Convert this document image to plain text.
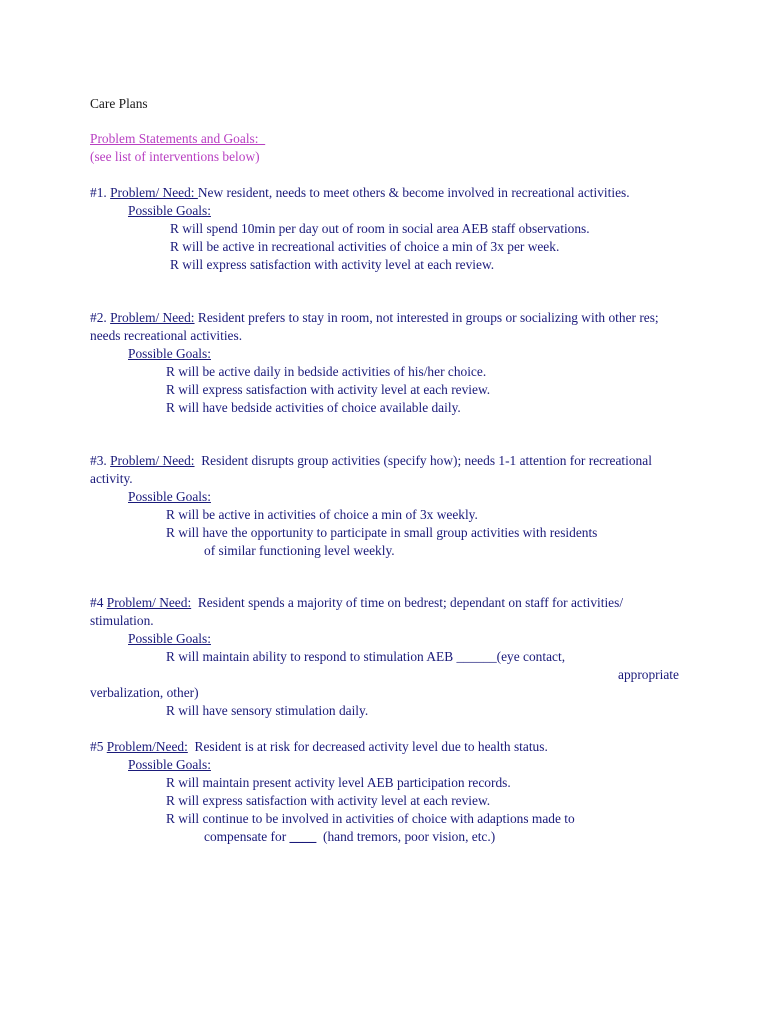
Care Plans
Problem Statements and Goals:
(see list of interventions below)
#1. Problem/ Need: New resident, needs to meet others & become involved in recreational activities.
Possible Goals:
R will spend 10min per day out of room in social area AEB staff observations.
R will be active in recreational activities of choice a min of 3x per week.
R will express satisfaction with activity level at each review.
#2. Problem/ Need: Resident prefers to stay in room, not interested in groups or socializing with other res;
needs recreational activities.
Possible Goals:
R will be active daily in bedside activities of his/her choice.
R will express satisfaction with activity level at each review.
R will have bedside activities of choice available daily.
#3. Problem/ Need: Resident disrupts group activities (specify how); needs 1-1 attention for recreational
activity.
Possible Goals:
R will be active in activities of choice a min of 3x weekly.
R will have the opportunity to participate in small group activities with residents
of similar functioning level weekly.
#4 Problem/ Need: Resident spends a majority of time on bedrest; dependant on staff for activities/
stimulation.
Possible Goals:
R will maintain ability to respond to stimulation AEB ______(eye contact,
appropriate
verbalization, other)
R will have sensory stimulation daily.
#5 Problem/Need: Resident is at risk for decreased activity level due to health status.
Possible Goals:
R will maintain present activity level AEB participation records.
R will express satisfaction with activity level at each review.
R will continue to be involved in activities of choice with adaptions made to
compensate for ____  (hand tremors, poor vision, etc.)
